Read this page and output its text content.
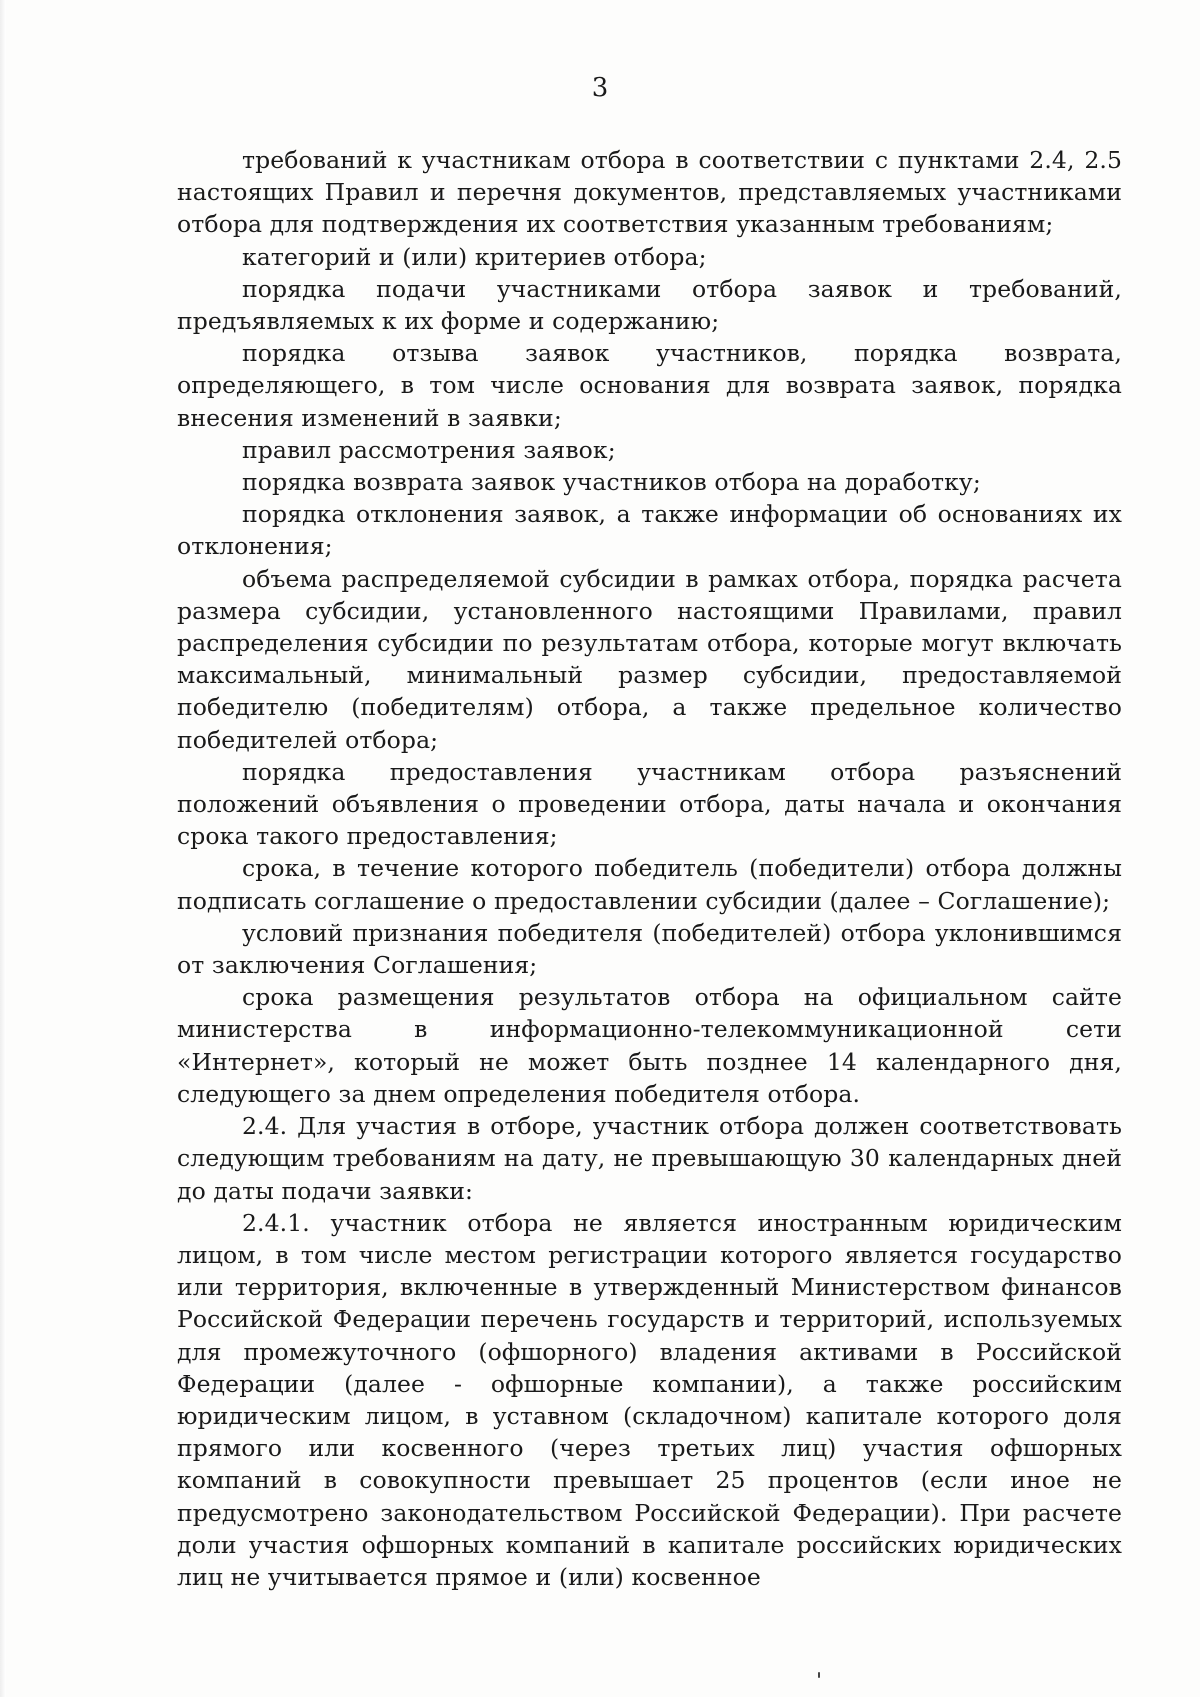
3

требований к участникам отбора в соответствии с пунктами 2.4, 2.5 настоящих Правил и перечня документов, представляемых участниками отбора для подтверждения их соответствия указанным требованиям;

категорий и (или) критериев отбора;

порядка подачи участниками отбора заявок и требований, предъявляемых к их форме и содержанию;

порядка отзыва заявок участников, порядка возврата, определяющего, в том числе основания для возврата заявок, порядка внесения изменений в заявки;

правил рассмотрения заявок;

порядка возврата заявок участников отбора на доработку;

порядка отклонения заявок, а также информации об основаниях их отклонения;

объема распределяемой субсидии в рамках отбора, порядка расчета размера субсидии, установленного настоящими Правилами, правил распределения субсидии по результатам отбора, которые могут включать максимальный, минимальный размер субсидии, предоставляемой победителю (победителям) отбора, а также предельное количество победителей отбора;

порядка предоставления участникам отбора разъяснений положений объявления о проведении отбора, даты начала и окончания срока такого предоставления;

срока, в течение которого победитель (победители) отбора должны подписать соглашение о предоставлении субсидии (далее – Соглашение);

условий признания победителя (победителей) отбора уклонившимся от заключения Соглашения;

срока размещения результатов отбора на официальном сайте министерства в информационно-телекоммуникационной сети «Интернет», который не может быть позднее 14 календарного дня, следующего за днем определения победителя отбора.

2.4. Для участия в отборе, участник отбора должен соответствовать следующим требованиям на дату, не превышающую 30 календарных дней до даты подачи заявки:

2.4.1. участник отбора не является иностранным юридическим лицом, в том числе местом регистрации которого является государство или территория, включенные в утвержденный Министерством финансов Российской Федерации перечень государств и территорий, используемых для промежуточного (офшорного) владения активами в Российской Федерации (далее - офшорные компании), а также российским юридическим лицом, в уставном (складочном) капитале которого доля прямого или косвенного (через третьих лиц) участия офшорных компаний в совокупности превышает 25 процентов (если иное не предусмотрено законодательством Российской Федерации). При расчете доли участия офшорных компаний в капитале российских юридических лиц не учитывается прямое и (или) косвенное
